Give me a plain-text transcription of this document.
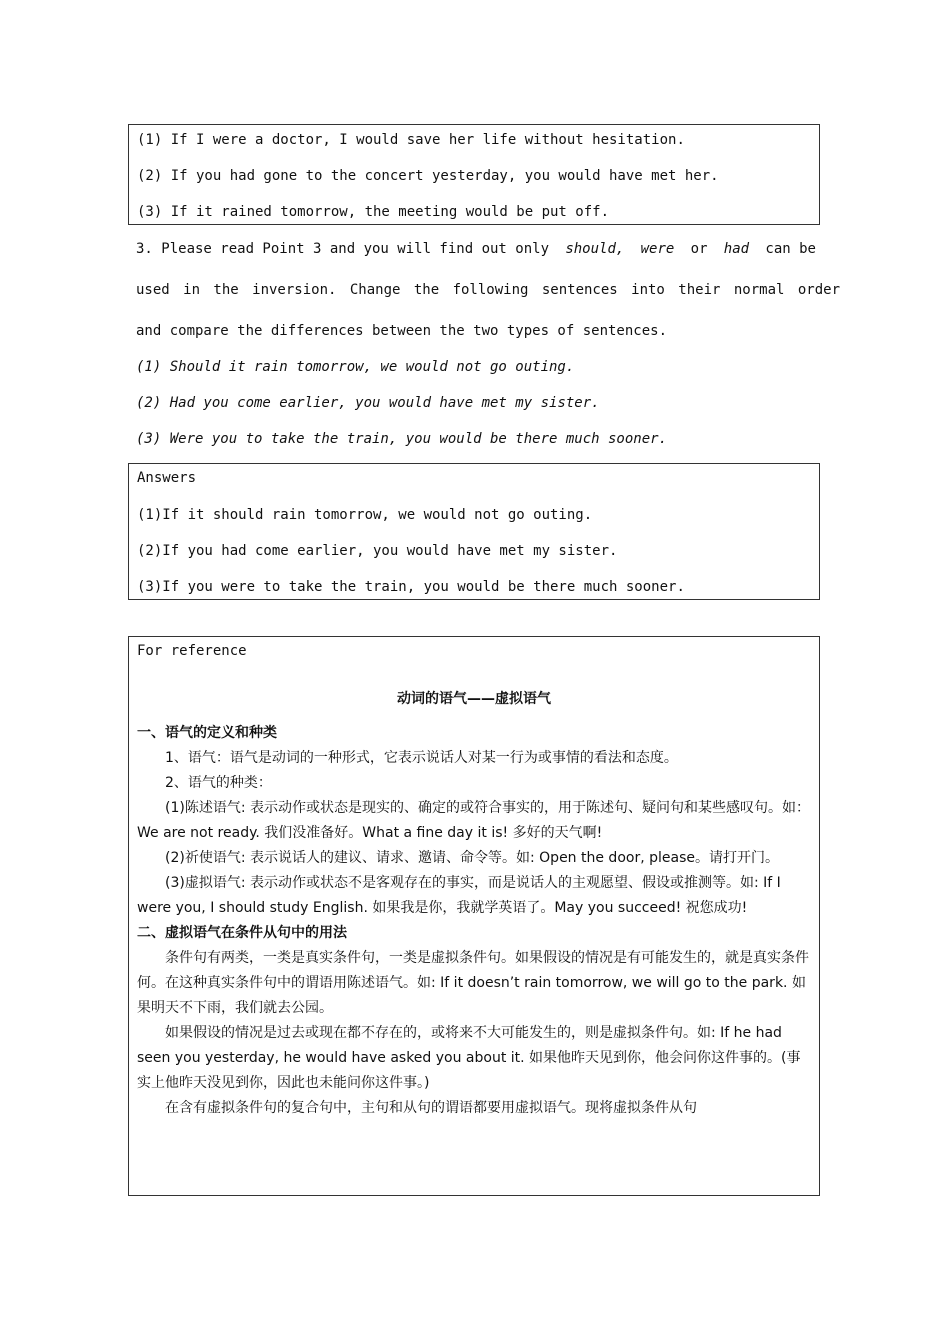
(1) If I were a doctor, I would save her life without hesitation.
(2) If you had gone to the concert yesterday, you would have met her.
(3) If it rained tomorrow, the meeting would be put off.
3. Please read Point 3 and you will find out only should, were or had can be
used in the inversion. Change the following sentences into their normal order
and compare the differences between the two types of sentences.
(1) Should it rain tomorrow, we would not go outing.
(2) Had you come earlier, you would have met my sister.
(3) Were you to take the train, you would be there much sooner.
Answers
(1)If it should rain tomorrow, we would not go outing.
(2)If you had come earlier, you would have met my sister.
(3)If you were to take the train, you would be there much sooner.
For reference
动词的语气——虚拟语气

一、语气的定义和种类

1、语气：语气是动词的一种形式，它表示说话人对某一行为或事情的看法和态度。

2、语气的种类：

(1)陈述语气: 表示动作或状态是现实的、确定的或符合事实的，用于陈述句、疑问句和某些感叹句。如：We are not ready. 我们没准备好。What a fine day it is! 多好的天气啊!

(2)祈使语气: 表示说话人的建议、请求、邀请、命令等。如: Open the door, please。请打开门。

(3)虚拟语气: 表示动作或状态不是客观存在的事实，而是说话人的主观愿望、假设或推测等。如: If I were you, I should study English. 如果我是你，我就学英语了。May you succeed! 祝您成功!

二、虚拟语气在条件从句中的用法

条件句有两类，一类是真实条件句，一类是虚拟条件句。如果假设的情况是有可能发生的，就是真实条件何。在这种真实条件句中的谓语用陈述语气。如: If it doesn’t rain tomorrow, we will go to the park. 如果明天不下雨，我们就去公园。

如果假设的情况是过去或现在都不存在的，或将来不大可能发生的，则是虚拟条件句。如: If he had seen you yesterday, he would have asked you about it. 如果他昨天见到你，他会问你这件事的。(事实上他昨天没见到你，因此也未能问你这件事。)

在含有虚拟条件句的复合句中，主句和从句的谓语都要用虚拟语气。现将虚拟条件从句
